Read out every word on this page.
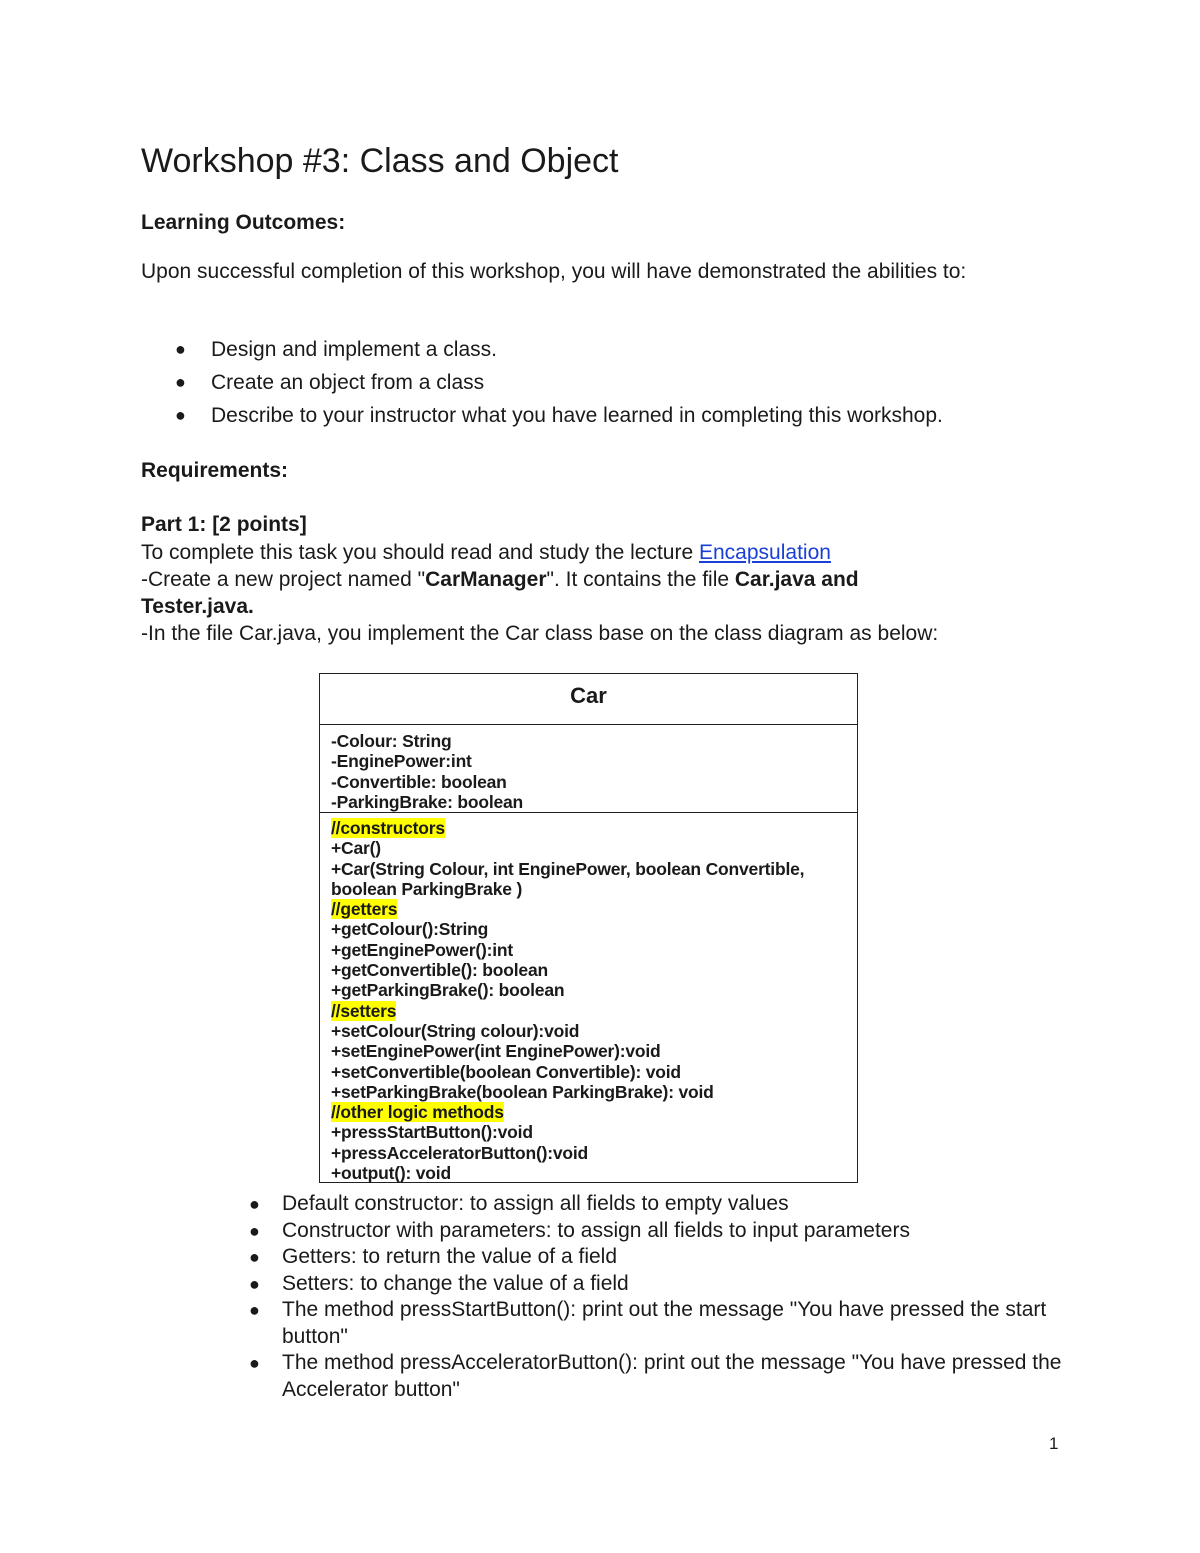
Workshop #3: Class and Object
Learning Outcomes:

Upon successful completion of this workshop, you will have demonstrated the abilities to:

● Design and implement a class.
● Create an object from a class
● Describe to your instructor what you have learned in completing this workshop.
Requirements:
Part 1: [2 points]

To complete this task you should read and study the lecture Encapsulation

-Create a new project named "CarManager". It contains the file Car.java and
Tester.java.

-In the file Car.java, you implement the Car class base on the class diagram as below:

Car
-Colour: String
-EnginePower:int
-Convertible: boolean
-ParkingBrake: boolean
//constructors
+Car()
+Car(String Colour, int EnginePower, boolean Convertible,
boolean ParkingBrake )
//getters
+getColour():String
+getEnginePower():int
+getConvertible(): boolean
+getParkingBrake(): boolean
//setters
+setColour(String colour):void
+setEnginePower(int EnginePower):void
+setConvertible(boolean Convertible): void
+setParkingBrake(boolean ParkingBrake): void
//other logic methods
+pressStartButton():void
+pressAcceleratorButton():void
+output(): void
● Default constructor: to assign all fields to empty values
● Constructor with parameters: to assign all fields to input parameters
● Getters: to return the value of a field
● Setters: to change the value of a field
● The method pressStartButton(): print out the message "You have pressed the start button"
● The method pressAcceleratorButton(): print out the message "You have pressed the Accelerator button"
1
